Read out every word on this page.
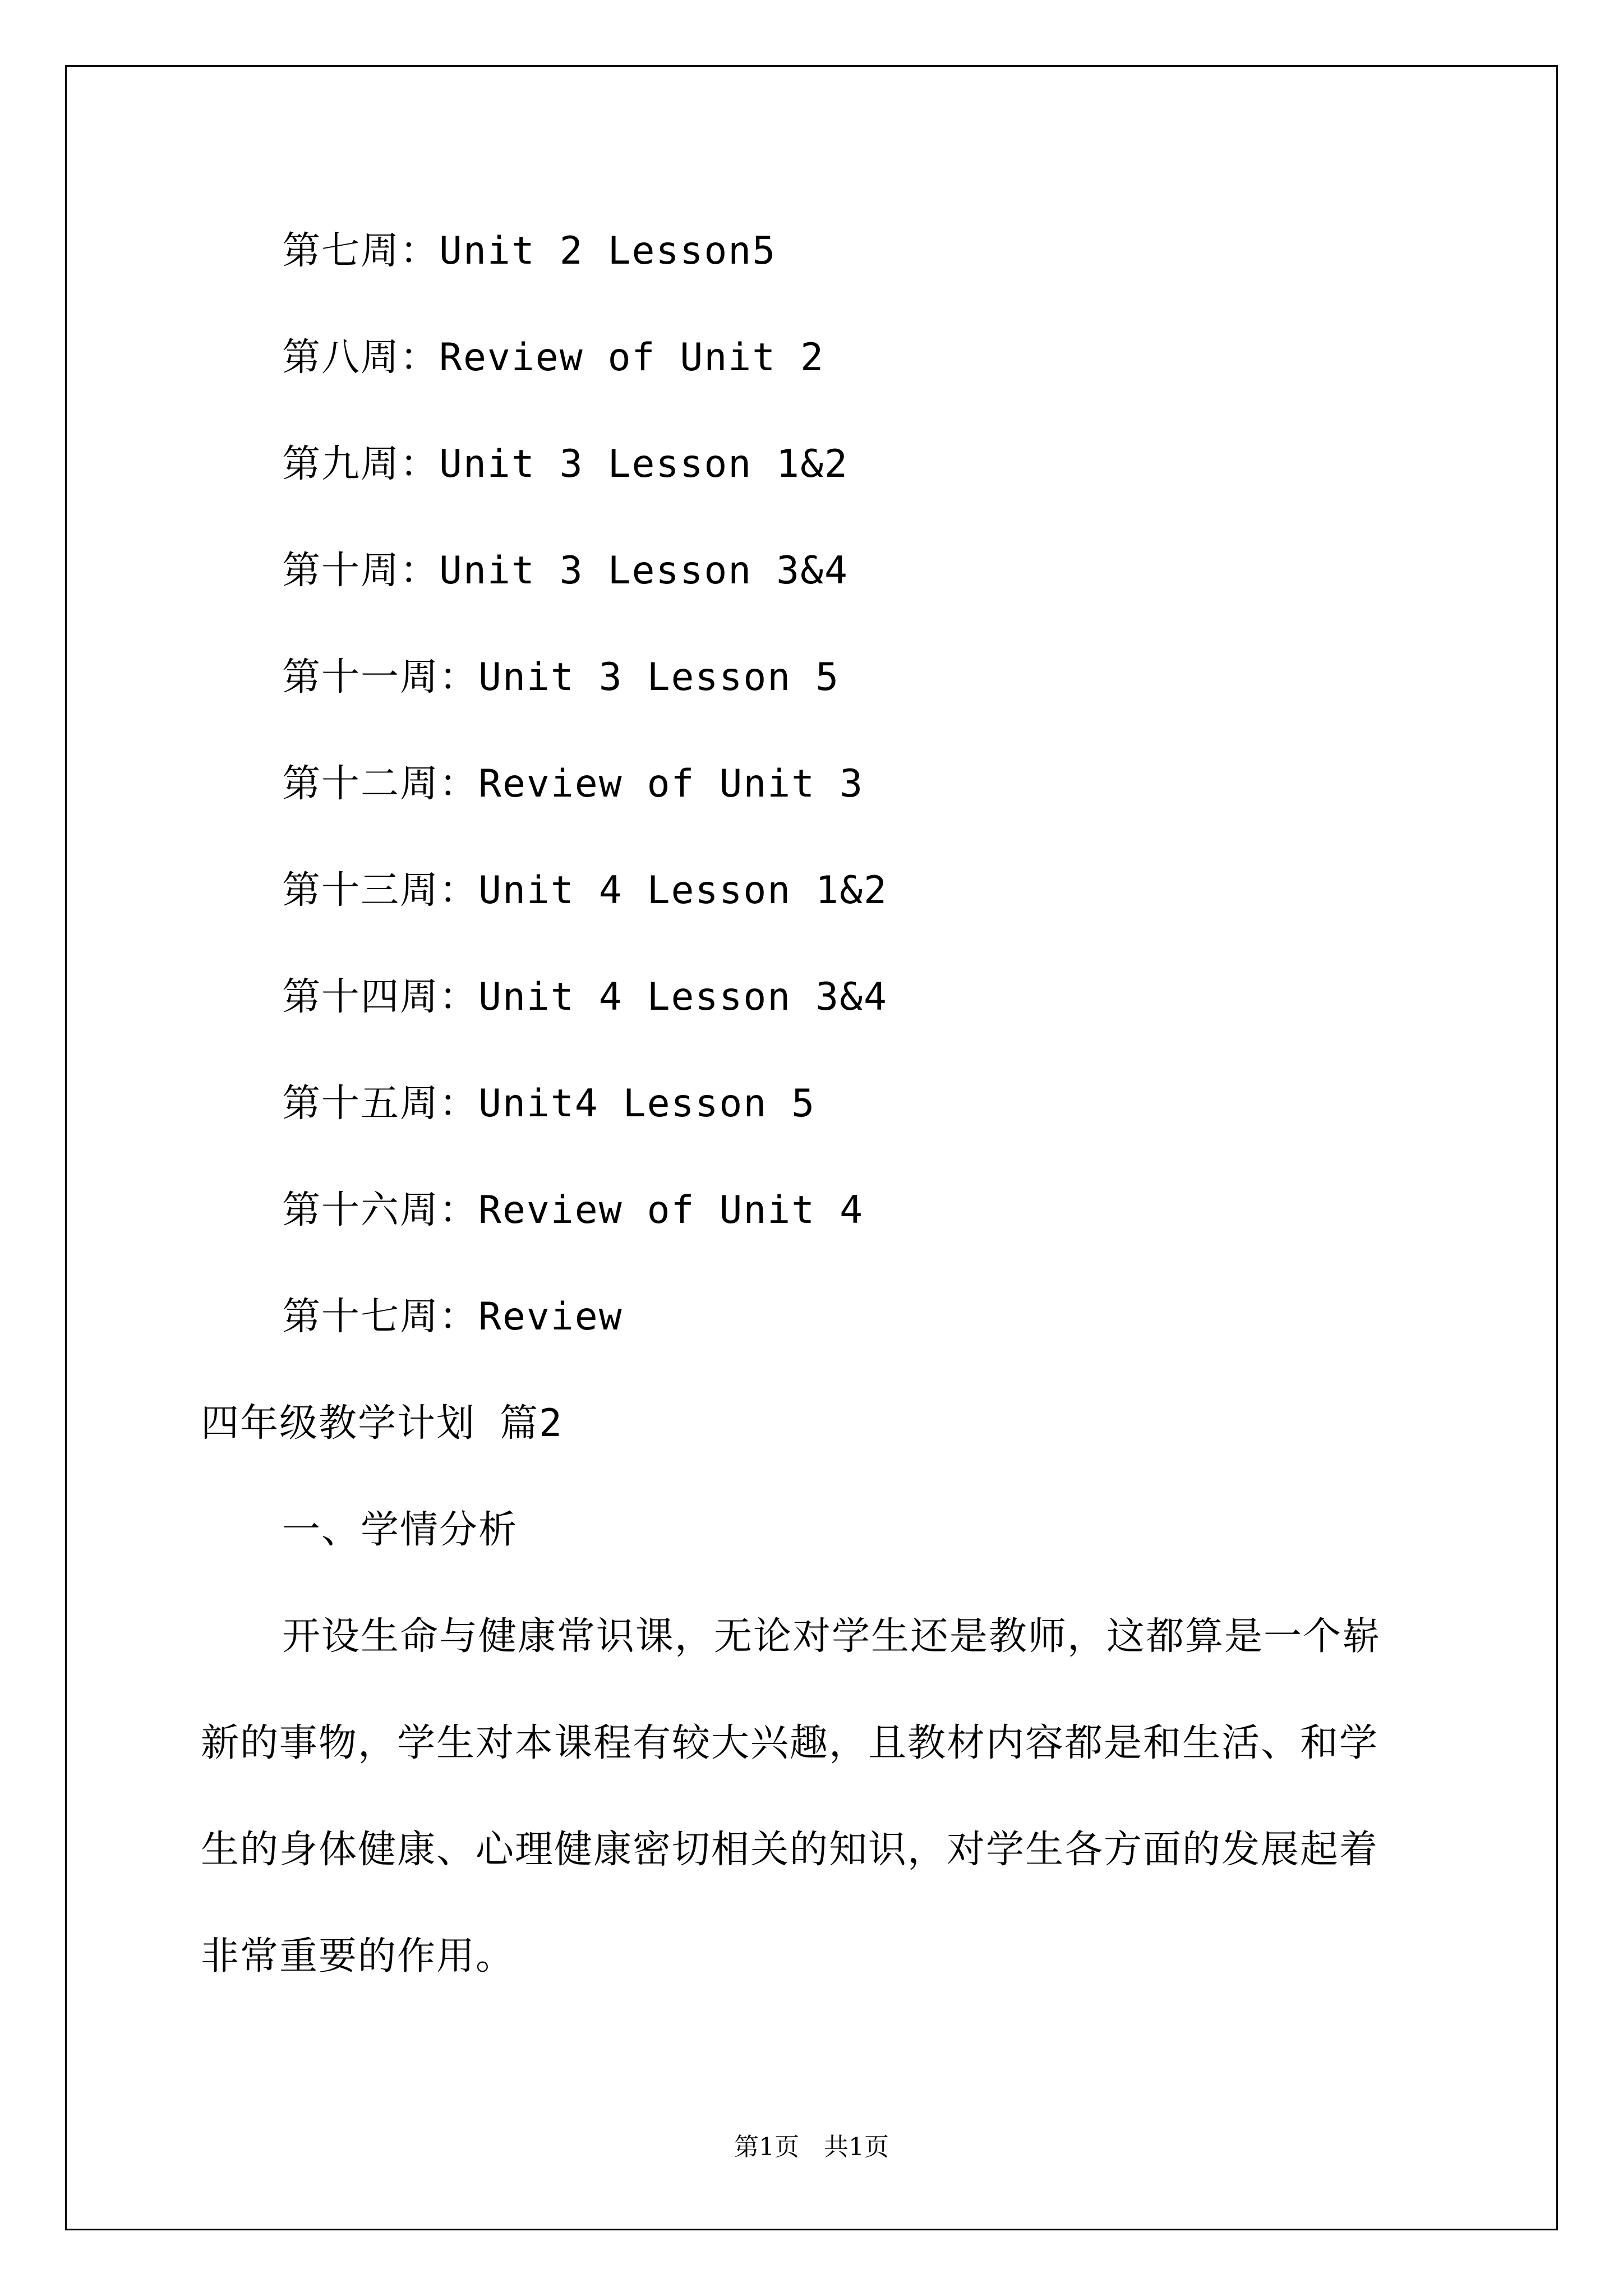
第七周：Unit 2 Lesson5
第八周：Review of Unit 2
第九周：Unit 3 Lesson 1&2
第十周：Unit 3 Lesson 3&4
第十一周：Unit 3 Lesson 5
第十二周：Review of Unit 3
第十三周：Unit 4 Lesson 1&2
第十四周：Unit 4 Lesson 3&4
第十五周：Unit4 Lesson 5
第十六周：Review of Unit 4
第十七周：Review
四年级教学计划 篇2
一、学情分析
开设生命与健康常识课，无论对学生还是教师，这都算是一个崭
新的事物，学生对本课程有较大兴趣，且教材内容都是和生活、和学
生的身体健康、心理健康密切相关的知识，对学生各方面的发展起着
非常重要的作用。
第1页　共1页
